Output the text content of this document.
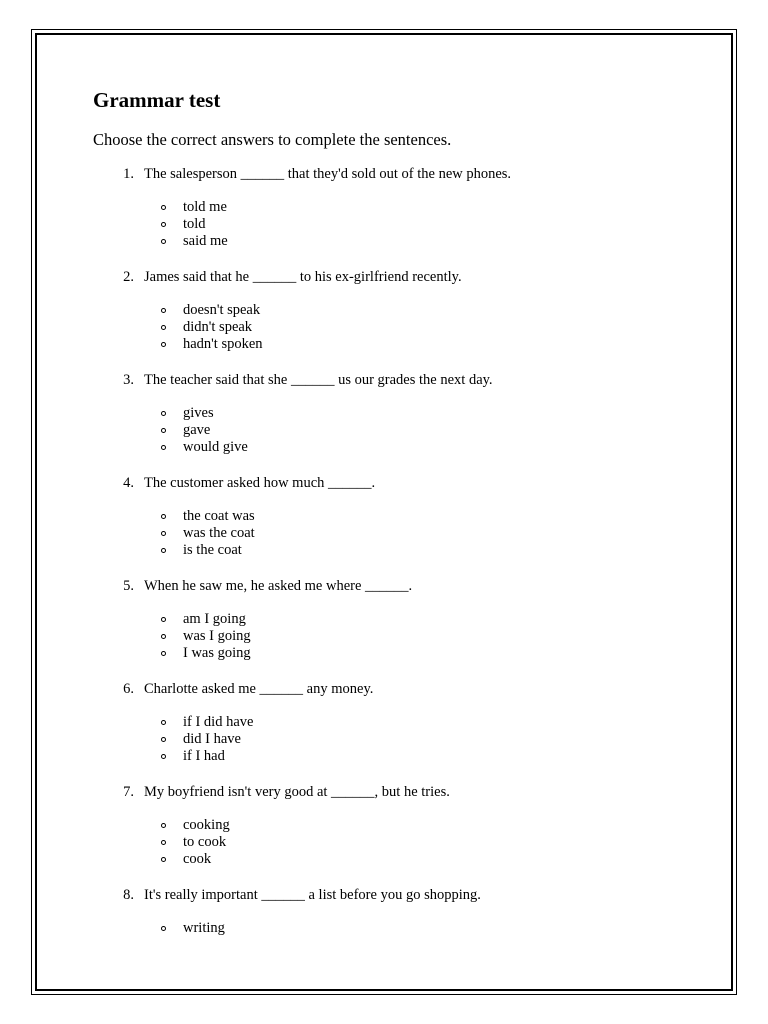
Grammar test

Choose the correct answers to complete the sentences.

1. The salesperson ______ that they'd sold out of the new phones.
told me
told
said me
2. James said that he ______ to his ex-girlfriend recently.
doesn't speak
didn't speak
hadn't spoken
3. The teacher said that she ______ us our grades the next day.
gives
gave
would give
4. The customer asked how much ______.
the coat was
was the coat
is the coat
5. When he saw me, he asked me where ______.
am I going
was I going
I was going
6. Charlotte asked me ______ any money.
if I did have
did I have
if I had
7. My boyfriend isn't very good at ______, but he tries.
cooking
to cook
cook
8. It's really important ______ a list before you go shopping.
writing
